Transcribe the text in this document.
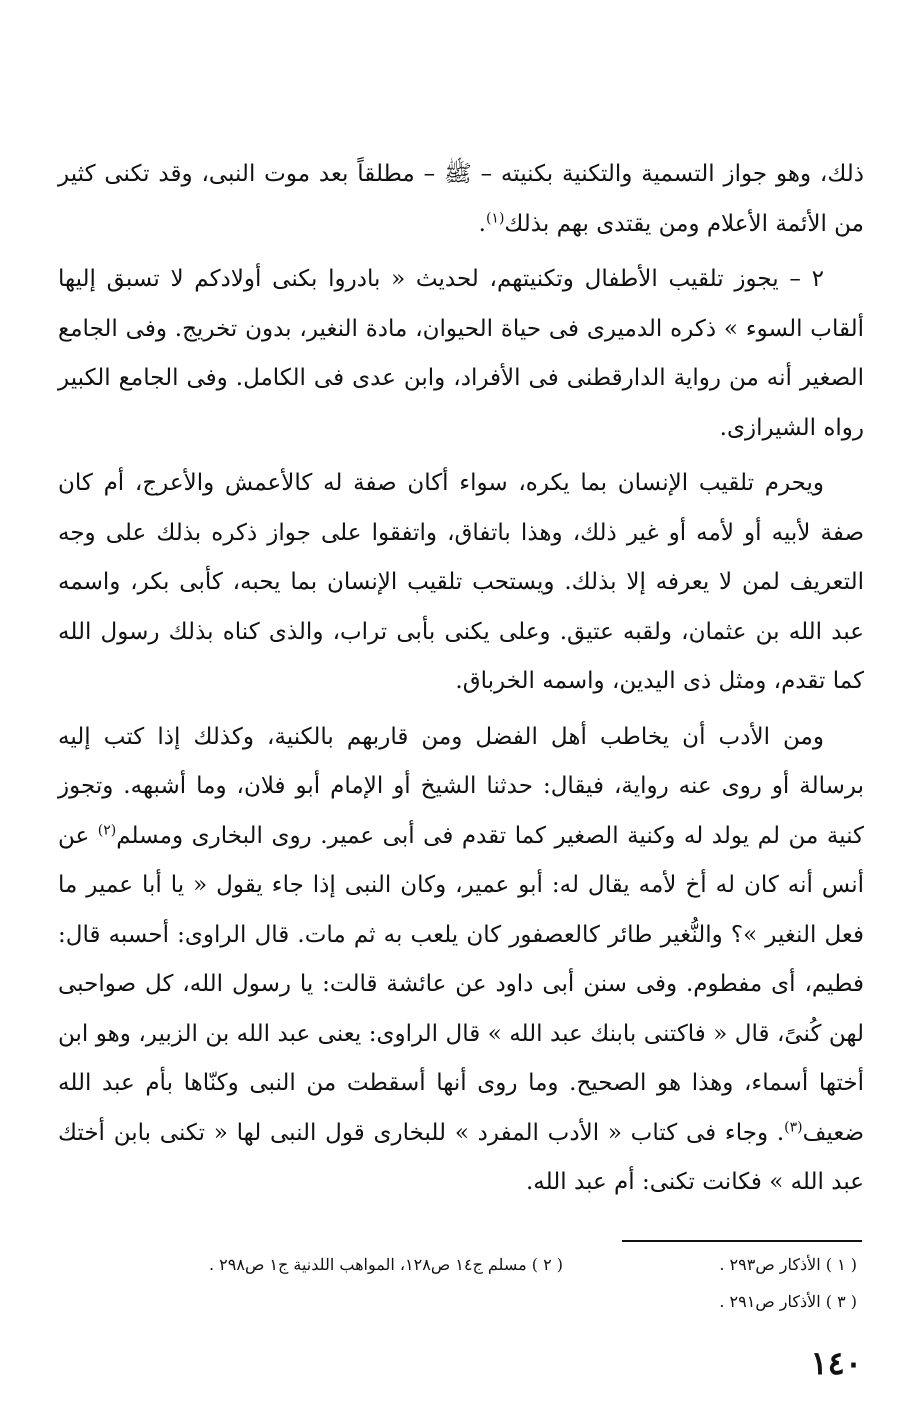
ذلك، وهو جواز التسمية والتكنية بكنيته – ﷺ – مطلقاً بعد موت النبى، وقد تكنى كثير من الأئمة الأعلام ومن يقتدى بهم بذلك$^{(١)}$.

٢ – يجوز تلقيب الأطفال وتكنيتهم، لحديث « بادروا بكنى أولادكم لا تسبق إليها ألقاب السوء » ذكره الدميرى فى حياة الحيوان، مادة النغير، بدون تخريج. وفى الجامع الصغير أنه من رواية الدارقطنى فى الأفراد، وابن عدى فى الكامل. وفى الجامع الكبير رواه الشيرازى.

ويحرم تلقيب الإنسان بما يكره، سواء أكان صفة له كالأعمش والأعرج، أم كان صفة لأبيه أو لأمه أو غير ذلك، وهذا باتفاق، واتفقوا على جواز ذكره بذلك على وجه التعريف لمن لا يعرفه إلا بذلك. ويستحب تلقيب الإنسان بما يحبه، كأبى بكر، واسمه عبد الله بن عثمان، ولقبه عتيق. وعلى يكنى بأبى تراب، والذى كناه بذلك رسول الله كما تقدم، ومثل ذى اليدين، واسمه الخرباق.

ومن الأدب أن يخاطب أهل الفضل ومن قاربهم بالكنية، وكذلك إذا كتب إليه برسالة أو روى عنه رواية، فيقال: حدثنا الشيخ أو الإمام أبو فلان، وما أشبهه. وتجوز كنية من لم يولد له وكنية الصغير كما تقدم فى أبى عمير. روى البخارى ومسلم$^{(٢)}$ عن أنس أنه كان له أخ لأمه يقال له: أبو عمير، وكان النبى إذا جاء يقول « يا أبا عمير ما فعل النغير »؟ والنُّغير طائر كالعصفور كان يلعب به ثم مات. قال الراوى: أحسبه قال: فطيم، أى مفطوم. وفى سنن أبى داود عن عائشة قالت: يا رسول الله، كل صواحبى لهن كُنىً، قال « فاكتنى بابنك عبد الله » قال الراوى: يعنى عبد الله بن الزبير، وهو ابن أختها أسماء، وهذا هو الصحيح. وما روى أنها أسقطت من النبى وكنّاها بأم عبد الله ضعيف$^{(٣)}$. وجاء فى كتاب « الأدب المفرد » للبخارى قول النبى لها « تكنى بابن أختك عبد الله » فكانت تكنى: أم عبد الله.

( ١ ) الأذكار ص٢٩٣ .
( ٢ ) مسلم ج١٤ ص١٢٨، المواهب اللدنية ج١ ص٢٩٨ .
( ٣ ) الأذكار ص٢٩١ .
١٤٠
